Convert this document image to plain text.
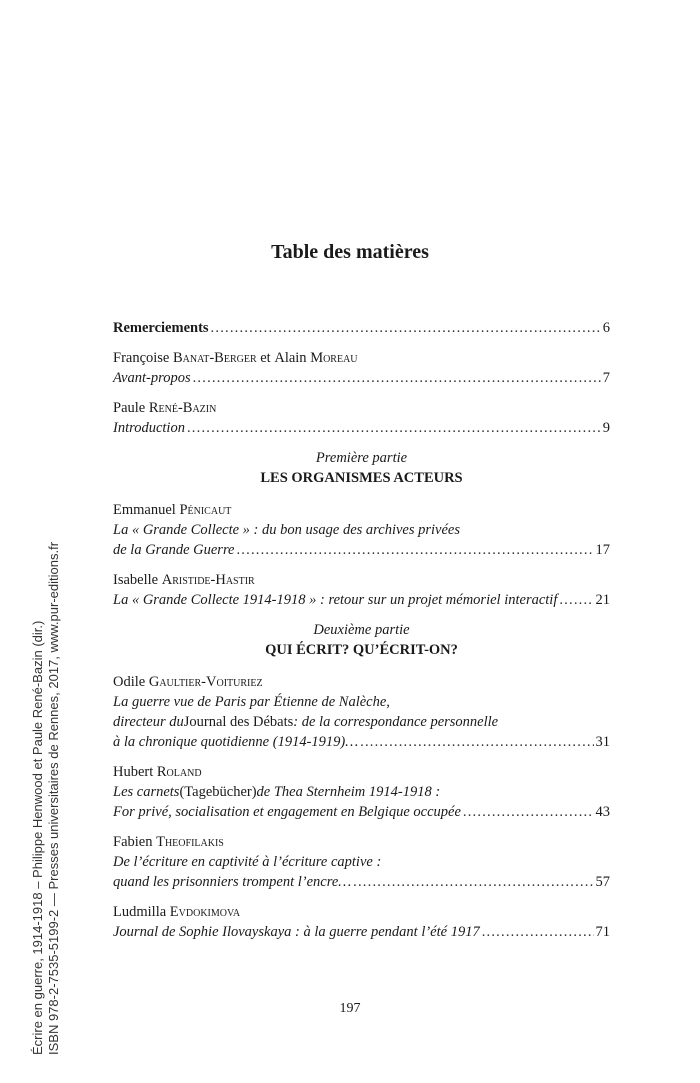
Écrire en guerre, 1914-1918 – Philippe Henwood et Paule René-Bazin (dir.) ISBN 978-2-7535-5199-2 — Presses universitaires de Rennes, 2017, www.pur-editions.fr
Table des matières
Remerciements .....	6
Françoise
Banat-Berger
et
Alain
Moreau
Avant-propos .....	7
Paule
René-Bazin
Introduction .....	9
Première partie
LES ORGANISMES ACTEURS
Emmanuel
Pénicaut
La « Grande Collecte » : du bon usage des archives privées
de la Grande Guerre .....	17
Isabelle
Aristide-Hastir
La « Grande Collecte 1914-1918 » : retour sur un projet mémoriel interactif .....	21
Deuxième partie
QUI ÉCRIT? QU’ÉCRIT-ON?
Odile
Gaultier-Voituriez
La guerre vue de Paris par Étienne de Nalèche,
directeur du Journal des Débats : de la correspondance personnelle
à la chronique quotidienne (1914-1919)… .....	31
Hubert
Roland
Les carnets (Tagebücher) de Thea Sternheim 1914-1918 :
For privé, socialisation et engagement en Belgique occupée .....	43
Fabien
Theofilakis
De l’écriture en captivité à l’écriture captive :
quand les prisonniers trompent l’encre… .....	57
Ludmilla
Evdokimova
Journal de Sophie Ilovayskaya : à la guerre pendant l’été 1917 .....	71
197
